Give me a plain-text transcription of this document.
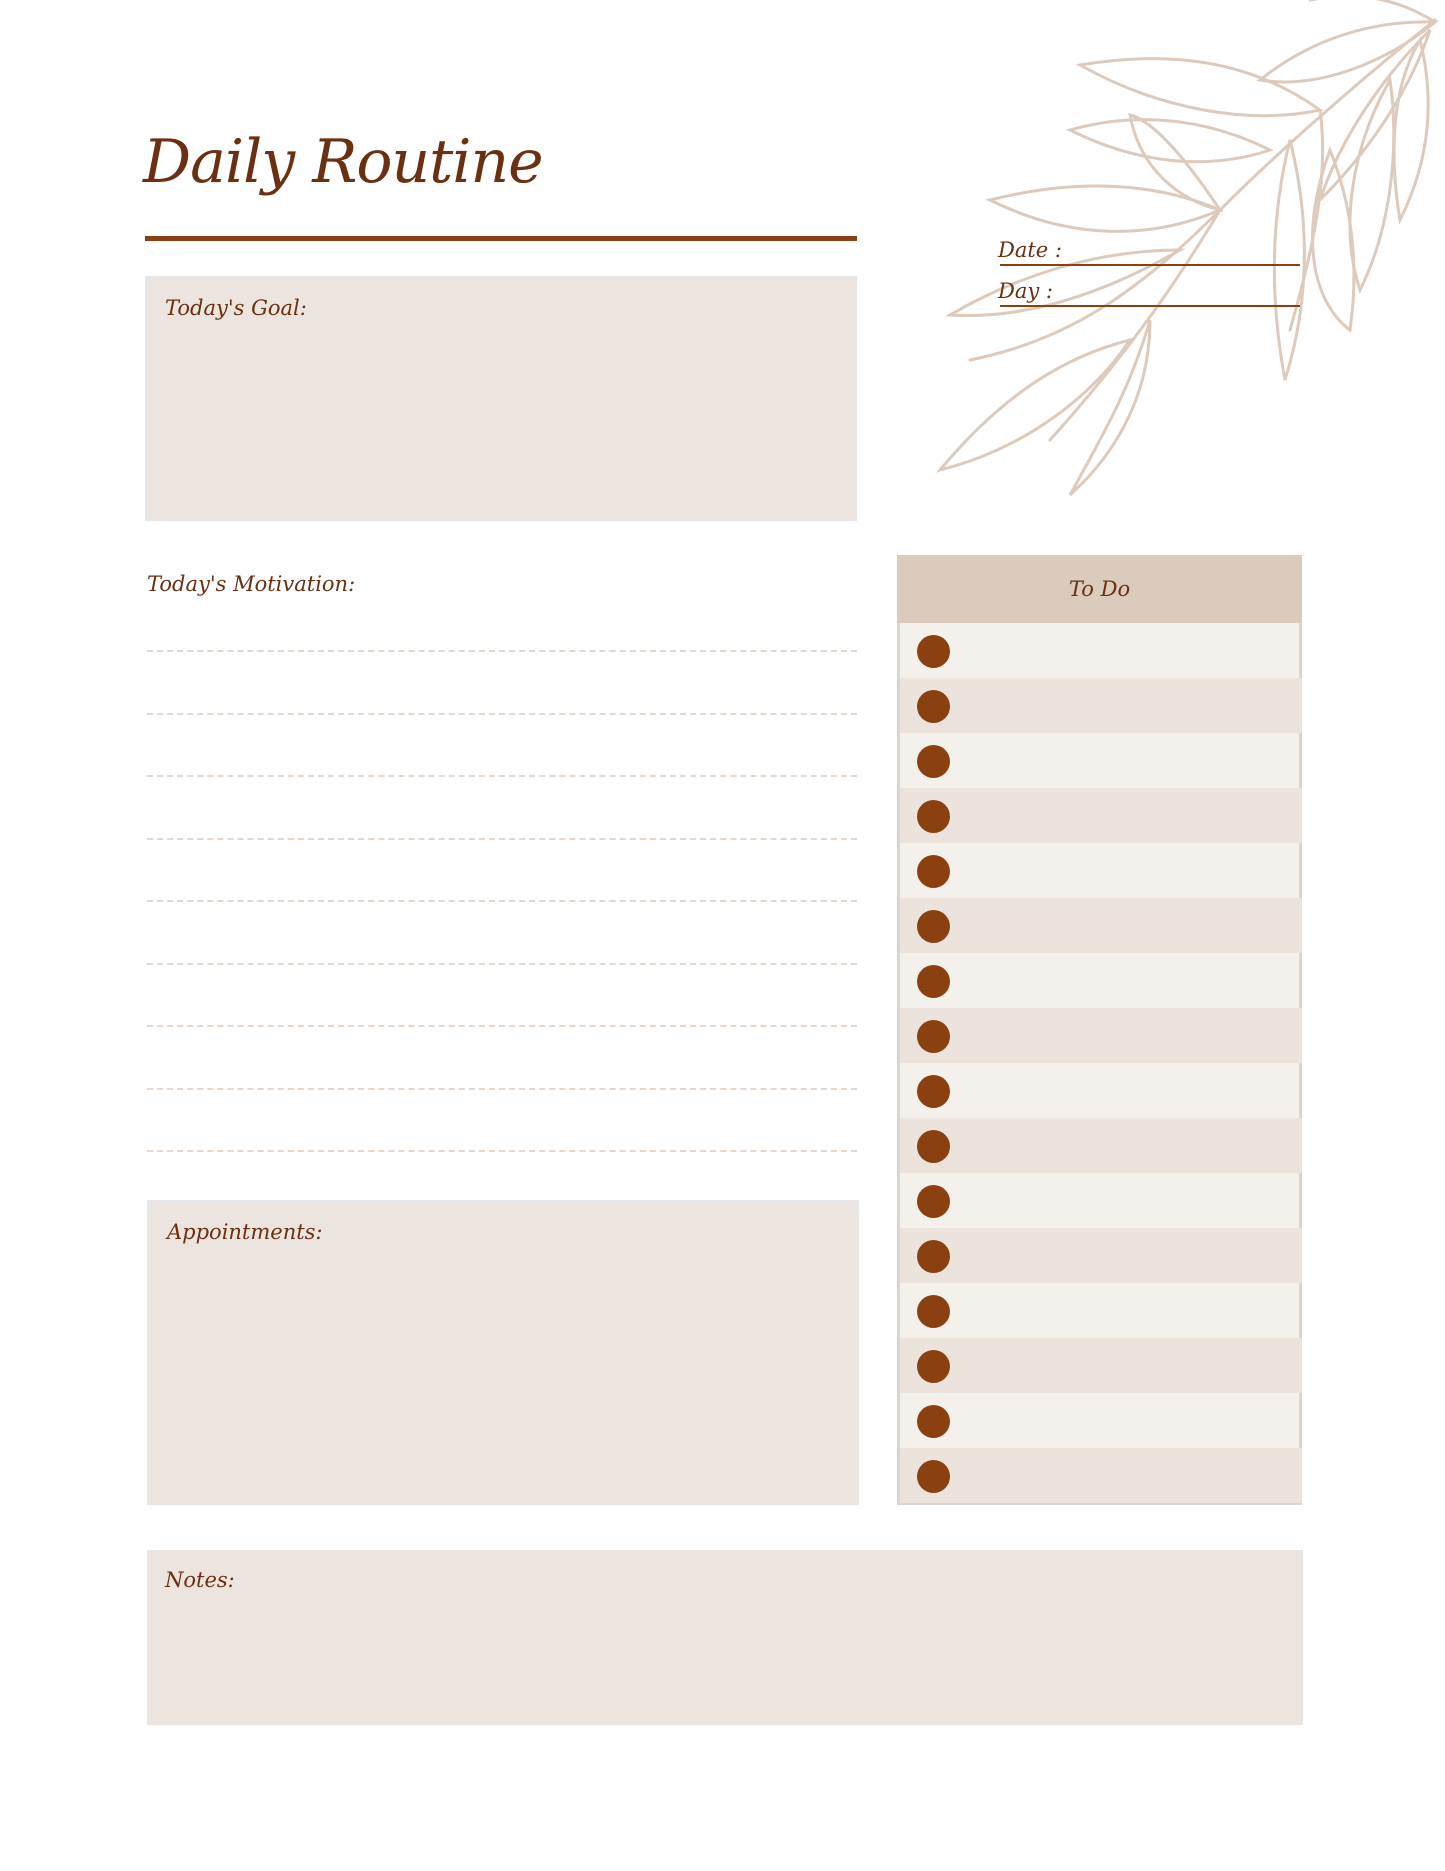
Daily Routine
Date :
Day :
Today's Goal:
Today's Motivation:
Appointments:
To Do
Notes:
